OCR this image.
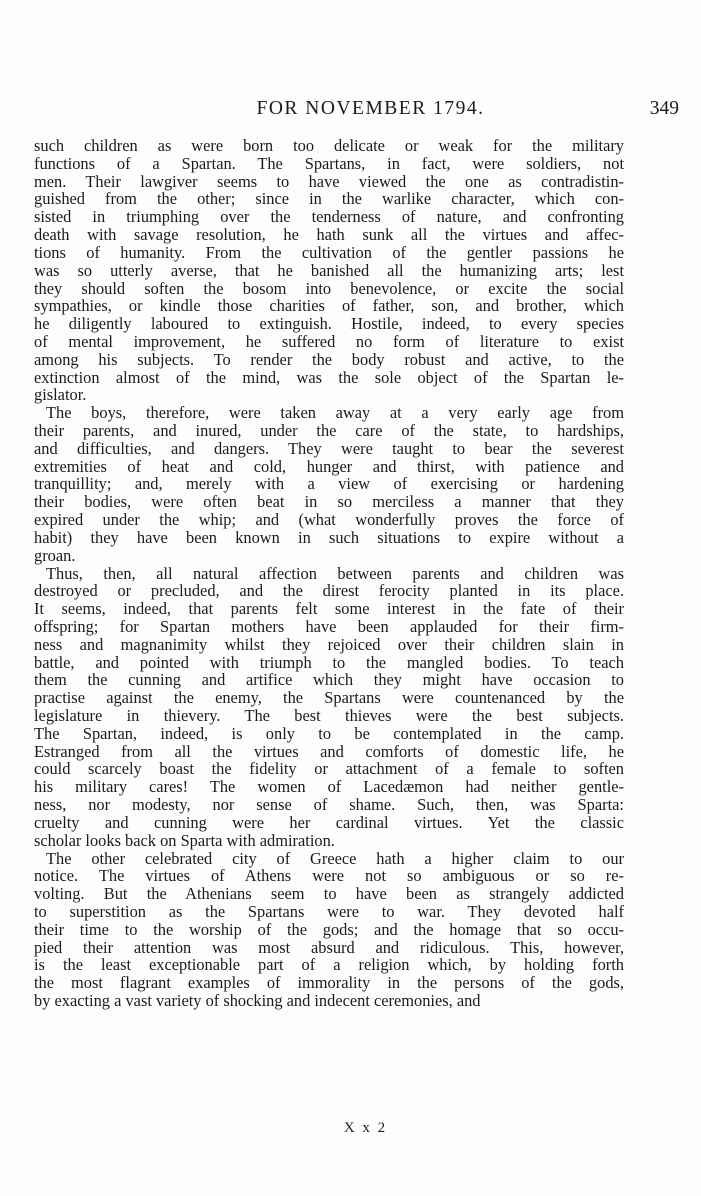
FOR NOVEMBER 1794.	349
such children as were born too delicate or weak for the military
functions of a Spartan. The Spartans, in fact, were soldiers, not
men. Their lawgiver seems to have viewed the one as contradistin-
guished from the other; since in the warlike character, which con-
sisted in triumphing over the tenderness of nature, and confronting
death with savage resolution, he hath sunk all the virtues and affec-
tions of humanity. From the cultivation of the gentler passions he
was so utterly averse, that he banished all the humanizing arts; lest
they should soften the bosom into benevolence, or excite the social
sympathies, or kindle those charities of father, son, and brother, which
he diligently laboured to extinguish. Hostile, indeed, to every species
of mental improvement, he suffered no form of literature to exist
among his subjects. To render the body robust and active, to the
extinction almost of the mind, was the sole object of the Spartan le-
gislator.
The boys, therefore, were taken away at a very early age from
their parents, and inured, under the care of the state, to hardships,
and difficulties, and dangers. They were taught to bear the severest
extremities of heat and cold, hunger and thirst, with patience and
tranquillity; and, merely with a view of exercising or hardening
their bodies, were often beat in so merciless a manner that they
expired under the whip; and (what wonderfully proves the force of
habit) they have been known in such situations to expire without a
groan.
Thus, then, all natural affection between parents and children was
destroyed or precluded, and the direst ferocity planted in its place.
It seems, indeed, that parents felt some interest in the fate of their
offspring; for Spartan mothers have been applauded for their firm-
ness and magnanimity whilst they rejoiced over their children slain in
battle, and pointed with triumph to the mangled bodies. To teach
them the cunning and artifice which they might have occasion to
practise against the enemy, the Spartans were countenanced by the
legislature in thievery. The best thieves were the best subjects.
The Spartan, indeed, is only to be contemplated in the camp.
Estranged from all the virtues and comforts of domestic life, he
could scarcely boast the fidelity or attachment of a female to soften
his military cares! The women of Lacedæmon had neither gentle-
ness, nor modesty, nor sense of shame. Such, then, was Sparta:
cruelty and cunning were her cardinal virtues. Yet the classic
scholar looks back on Sparta with admiration.
The other celebrated city of Greece hath a higher claim to our
notice. The virtues of Athens were not so ambiguous or so re-
volting. But the Athenians seem to have been as strangely addicted
to superstition as the Spartans were to war. They devoted half
their time to the worship of the gods; and the homage that so occu-
pied their attention was most absurd and ridiculous. This, however,
is the least exceptionable part of a religion which, by holding forth
the most flagrant examples of immorality in the persons of the gods,
by exacting a vast variety of shocking and indecent ceremonies, and
X x 2
